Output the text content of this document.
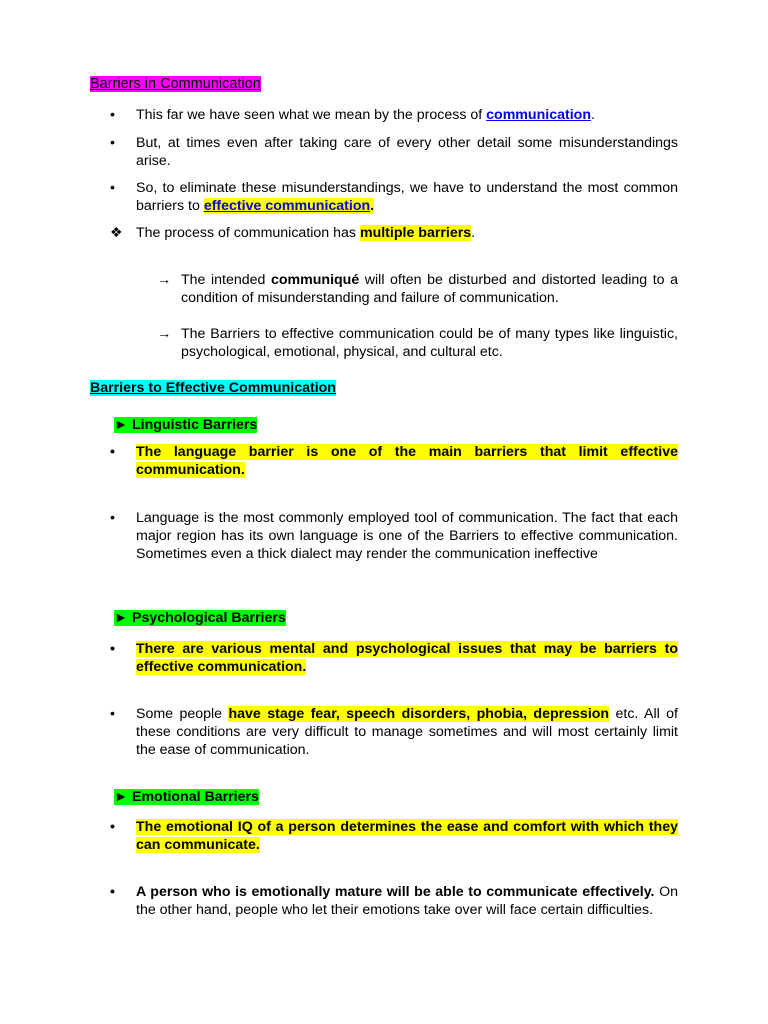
Barriers in Communication
•	This far we have seen what we mean by the process of communication.
•	But, at times even after taking care of every other detail some misunderstandings arise.
•	So, to eliminate these misunderstandings, we have to understand the most common barriers to effective communication.
❖ The process of communication has multiple barriers.
→ The intended communiqué will often be disturbed and distorted leading to a condition of misunderstanding and failure of communication.
→ The Barriers to effective communication could be of many types like linguistic, psychological, emotional, physical, and cultural etc.
Barriers to Effective Communication
► Linguistic Barriers
•	The language barrier is one of the main barriers that limit effective communication.
•	Language is the most commonly employed tool of communication. The fact that each major region has its own language is one of the Barriers to effective communication. Sometimes even a thick dialect may render the communication ineffective
► Psychological Barriers
•	There are various mental and psychological issues that may be barriers to effective communication.
•	Some people have stage fear, speech disorders, phobia, depression etc. All of these conditions are very difficult to manage sometimes and will most certainly limit the ease of communication.
► Emotional Barriers
•	The emotional IQ of a person determines the ease and comfort with which they can communicate.
•	A person who is emotionally mature will be able to communicate effectively. On the other hand, people who let their emotions take over will face certain difficulties.
